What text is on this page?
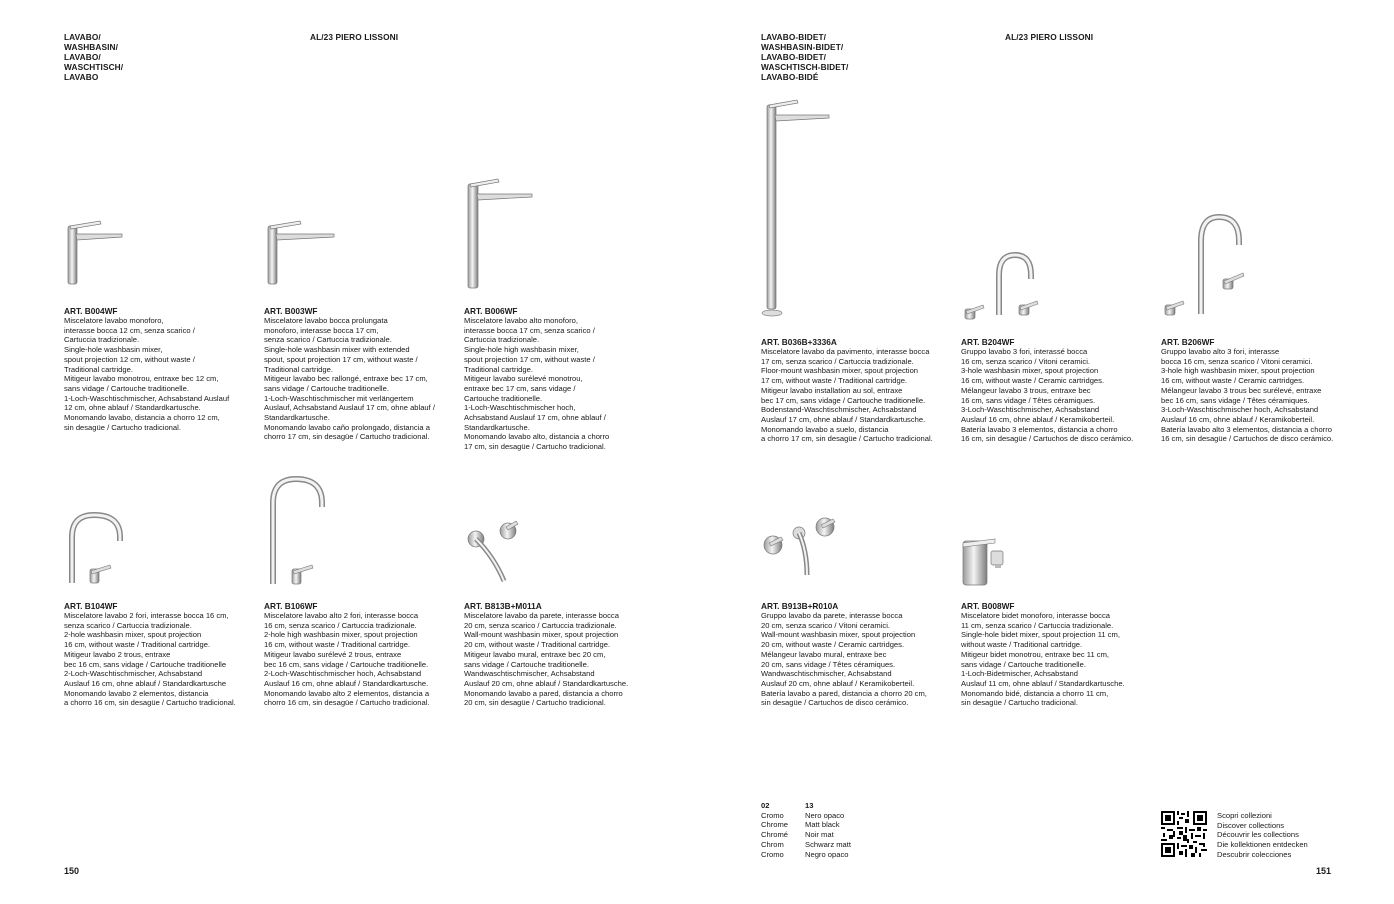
LAVABO/
WASHBASIN/
LAVABO/
WASCHTISCH/
LAVABO
AL/23 PIERO LISSONI
150

ART. B004WF

Miscelatore lavabo monoforo,
interasse bocca 12 cm, senza scarico /
Cartuccia tradizionale.
Single-hole washbasin mixer,
spout projection 12 cm, without waste /
Traditional cartridge.
Mitigeur lavabo monotrou, entraxe bec 12 cm,
sans vidage / Cartouche traditionelle.
1-Loch-Waschtischmischer, Achsabstand Auslauf
12 cm, ohne ablauf / Standardkartusche.
Monomando lavabo, distancia a chorro 12 cm,
sin desagüe / Cartucho tradicional.

ART. B003WF

Miscelatore lavabo bocca prolungata
monoforo, interasse bocca 17 cm,
senza scarico / Cartuccia tradizionale.
Single-hole washbasin mixer with extended
spout, spout projection 17 cm, without waste /
Traditional cartridge.
Mitigeur lavabo bec rallongé, entraxe bec 17 cm,
sans vidage / Cartouche traditionelle.
1-Loch-Waschtischmischer mit verlängertem
Auslauf, Achsabstand Auslauf 17 cm, ohne ablauf /
Standardkartusche.
Monomando lavabo caño prolongado, distancia a
chorro 17 cm, sin desagüe / Cartucho tradicional.

ART. B006WF

Miscelatore lavabo alto monoforo,
interasse bocca 17 cm, senza scarico /
Cartuccia tradizionale.
Single-hole high washbasin mixer,
spout projection 17 cm, without waste /
Traditional cartridge.
Mitigeur lavabo surélevé monotrou,
entraxe bec 17 cm, sans vidage /
Cartouche traditionelle.
1-Loch-Waschtischmischer hoch,
Achsabstand Auslauf 17 cm, ohne ablauf /
Standardkartusche.
Monomando lavabo alto, distancia a chorro
17 cm, sin desagüe / Cartucho tradicional.

ART. B104WF

Miscelatore lavabo 2 fori, interasse bocca 16 cm,
senza scarico / Cartuccia tradizionale.
2-hole washbasin mixer, spout projection
16 cm, without waste / Traditional cartridge.
Mitigeur lavabo 2 trous, entraxe
bec 16 cm, sans vidage / Cartouche traditionelle
2-Loch-Waschtischmischer, Achsabstand
Auslauf 16 cm, ohne ablauf / Standardkartusche
Monomando lavabo 2 elementos, distancia
a chorro 16 cm, sin desagüe / Cartucho tradicional.

ART. B106WF

Miscelatore lavabo alto 2 fori, interasse bocca
16 cm, senza scarico / Cartuccia tradizionale.
2-hole high washbasin mixer, spout projection
16 cm, without waste / Traditional cartridge.
Mitigeur lavabo surélevé 2 trous, entraxe
bec 16 cm, sans vidage / Cartouche traditionelle.
2-Loch-Waschtischmischer hoch, Achsabstand
Auslauf 16 cm, ohne ablauf / Standardkartusche.
Monomando lavabo alto 2 elementos, distancia a
chorro 16 cm, sin desagüe / Cartucho tradicional.

ART. B813B+M011A

Miscelatore lavabo da parete, interasse bocca
20 cm, senza scarico / Cartuccia tradizionale.
Wall-mount washbasin mixer, spout projection
20 cm, without waste / Traditional cartridge.
Mitigeur lavabo mural, entraxe bec 20 cm,
sans vidage / Cartouche traditionelle.
Wandwaschtischmischer, Achsabstand
Auslauf 20 cm, ohne ablauf / Standardkartusche.
Monomando lavabo a pared, distancia a chorro
20 cm, sin desagüe / Cartucho tradicional.

LAVABO-BIDET/
WASHBASIN-BIDET/
LAVABO-BIDET/
WASCHTISCH-BIDET/
LAVABO-BIDÉ
AL/23 PIERO LISSONI
151

ART. B036B+3336A

Miscelatore lavabo da pavimento, interasse bocca
17 cm, senza scarico / Cartuccia tradizionale.
Floor-mount washbasin mixer, spout projection
17 cm, without waste / Traditional cartridge.
Mitigeur lavabo installation au sol, entraxe
bec 17 cm, sans vidage / Cartouche traditionelle.
Bodenstand-Waschtischmischer, Achsabstand
Auslauf 17 cm, ohne ablauf / Standardkartusche.
Monomando lavabo a suelo, distancia
a chorro 17 cm, sin desagüe / Cartucho tradicional.

ART. B204WF

Gruppo lavabo 3 fori, interassé bocca
16 cm, senza scarico / Vitoni ceramici.
3-hole washbasin mixer, spout projection
16 cm, without waste / Ceramic cartridges.
Mélangeur lavabo 3 trous, entraxe bec
16 cm, sans vidage / Têtes céramiques.
3-Loch-Waschtischmischer, Achsabstand
Auslauf 16 cm, ohne ablauf / Keramikoberteil.
Batería lavabo 3 elementos, distancia a chorro
16 cm, sin desagüe / Cartuchos de disco cerámico.

ART. B206WF

Gruppo lavabo alto 3 fori, interasse
bocca 16 cm, senza scarico / Vitoni ceramici.
3-hole high washbasin mixer, spout projection
16 cm, without waste / Ceramic cartridges.
Mélangeur lavabo 3 trous bec surélevé, entraxe
bec 16 cm, sans vidage / Têtes céramiques.
3-Loch-Waschtischmischer hoch, Achsabstand
Auslauf 16 cm, ohne ablauf / Keramikoberteil.
Batería lavabo alto 3 elementos, distancia a chorro
16 cm, sin desagüe / Cartuchos de disco cerámico.

ART. B913B+R010A

Gruppo lavabo da parete, interasse bocca
20 cm, senza scarico / Vitoni ceramici.
Wall-mount washbasin mixer, spout projection
20 cm, without waste / Ceramic cartridges.
Mélangeur lavabo mural, entraxe bec
20 cm, sans vidage / Têtes céramiques.
Wandwaschtischmischer, Achsabstand
Auslauf 20 cm, ohne ablauf / Keramikoberteil.
Batería lavabo a pared, distancia a chorro 20 cm,
sin desagüe / Cartuchos de disco cerámico.

ART. B008WF

Miscelatore bidet monoforo, interasse bocca
11 cm, senza scarico / Cartuccia tradizionale.
Single-hole bidet mixer, spout projection 11 cm,
without waste / Traditional cartridge.
Mitigeur bidet monotrou, entraxe bec 11 cm,
sans vidage / Cartouche traditionelle.
1-Loch-Bidetmischer, Achsabstand
Auslauf 11 cm, ohne ablauf / Standardkartusche.
Monomando bidé, distancia a chorro 11 cm,
sin desagüe / Cartucho tradicional.

02
Cromo
Chrome
Chromé
Chrom
Cromo
13
Nero opaco
Matt black
Noir mat
Schwarz matt
Negro opaco
Scopri collezioni
Discover collections
Découvrir les collections
Die kollektionen entdecken
Descubrir colecciones
